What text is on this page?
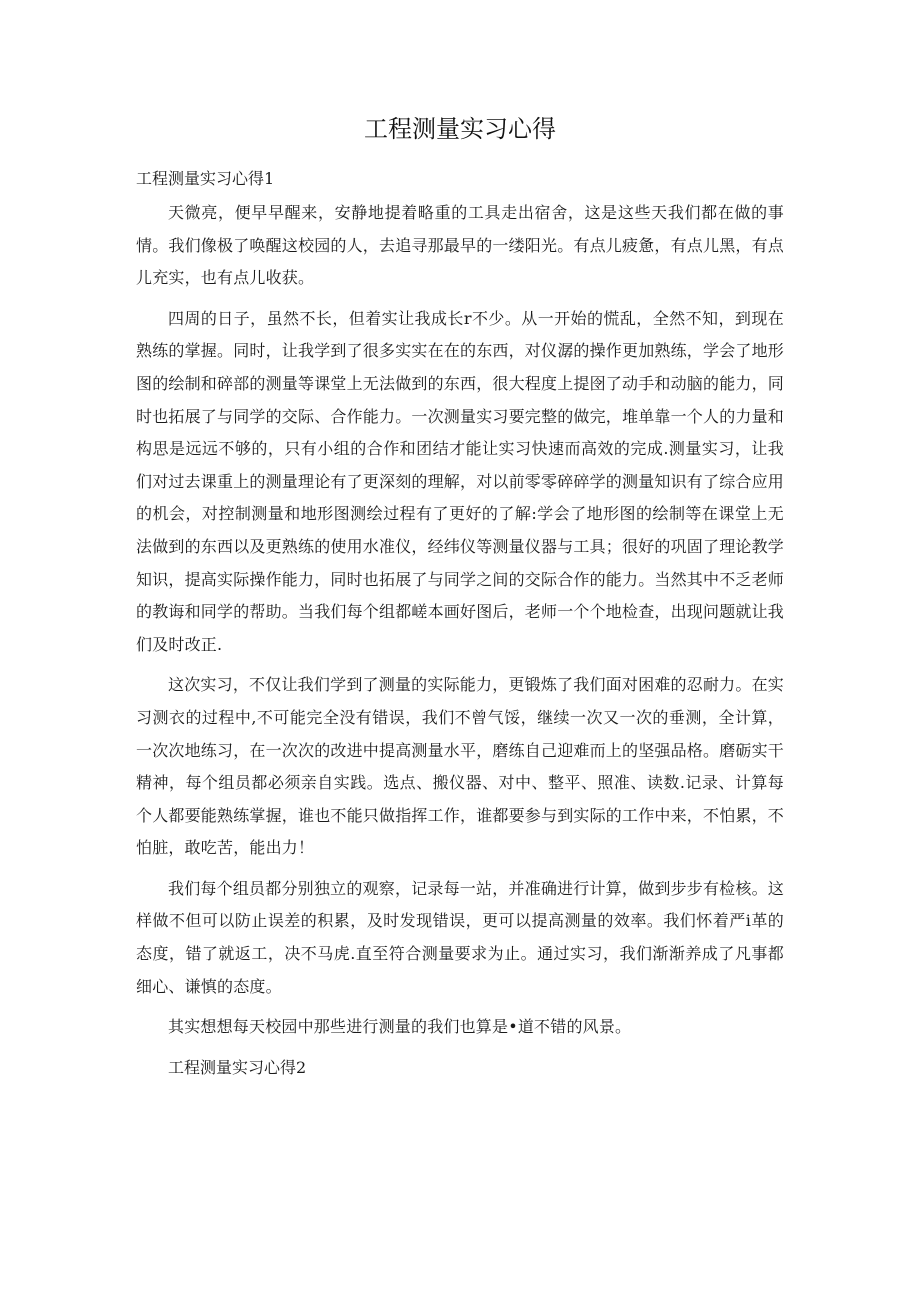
工程测量实习心得

工程测量实习心得1

天微亮，便早早醒来，安静地提着略重的工具走出宿舍，这是这些天我们都在做的事情。我们像极了唤醒这校园的人，去追寻那最早的一缕阳光。有点儿疲惫，有点儿黑，有点儿充实，也有点儿收获。

四周的日子，虽然不长，但着实让我成长r不少。从一开始的慌乱，全然不知，到现在熟练的掌握。同时，让我学到了很多实实在在的东西，对仪潺的操作更加熟练，学会了地形图的绘制和碎部的测量等课堂上无法做到的东西，很大程度上提囹了动手和动脑的能力，同时也拓展了与同学的交际、合作能力。一次测量实习要完整的做完，堆单靠一个人的力量和构思是远远不够的，只有小组的合作和团结才能让实习快速而高效的完成.测量实习，让我们对过去课重上的测量理论有了更深刻的理解，对以前零零碎碎学的测量知识有了综合应用的机会，对控制测量和地形图测绘过程有了更好的了解:学会了地形图的绘制等在课堂上无法做到的东西以及更熟练的使用水准仪，经纬仪等测量仪器与工具；很好的巩固了理论教学知识，提高实际操作能力，同时也拓展了与同学之间的交际合作的能力。当然其中不乏老师的教诲和同学的帮助。当我们每个组都嵯本画好图后，老师一个个地检查，出现问题就让我们及时改正.

这次实习，不仅让我们学到了测量的实际能力，更锻炼了我们面对困难的忍耐力。在实习测衣的过程中,不可能完全没有错误，我们不曾气馁，继续一次又一次的垂测，全计算，一次次地练习，在一次次的改进中提高测量水平，磨练自己迎难而上的坚强品格。磨砺实干精神，每个组员都必须亲自实践。选点、搬仪器、对中、整平、照准、读数.记录、计算每个人都要能熟练掌握，谁也不能只做指挥工作，谁都要参与到实际的工作中来，不怕累，不怕脏，敢吃苦，能出力！

我们每个组员都分别独立的观察，记录每一站，并准确进行计算，做到步步有检核。这样做不但可以防止误差的积累，及时发现错误，更可以提高测量的效率。我们怀着严i革的态度，错了就返工，决不马虎.直至符合测量要求为止。通过实习，我们渐渐养成了凡事都细心、谦慎的态度。

其实想想每天校园中那些进行测量的我们也算是•道不错的风景。

工程测量实习心得2
